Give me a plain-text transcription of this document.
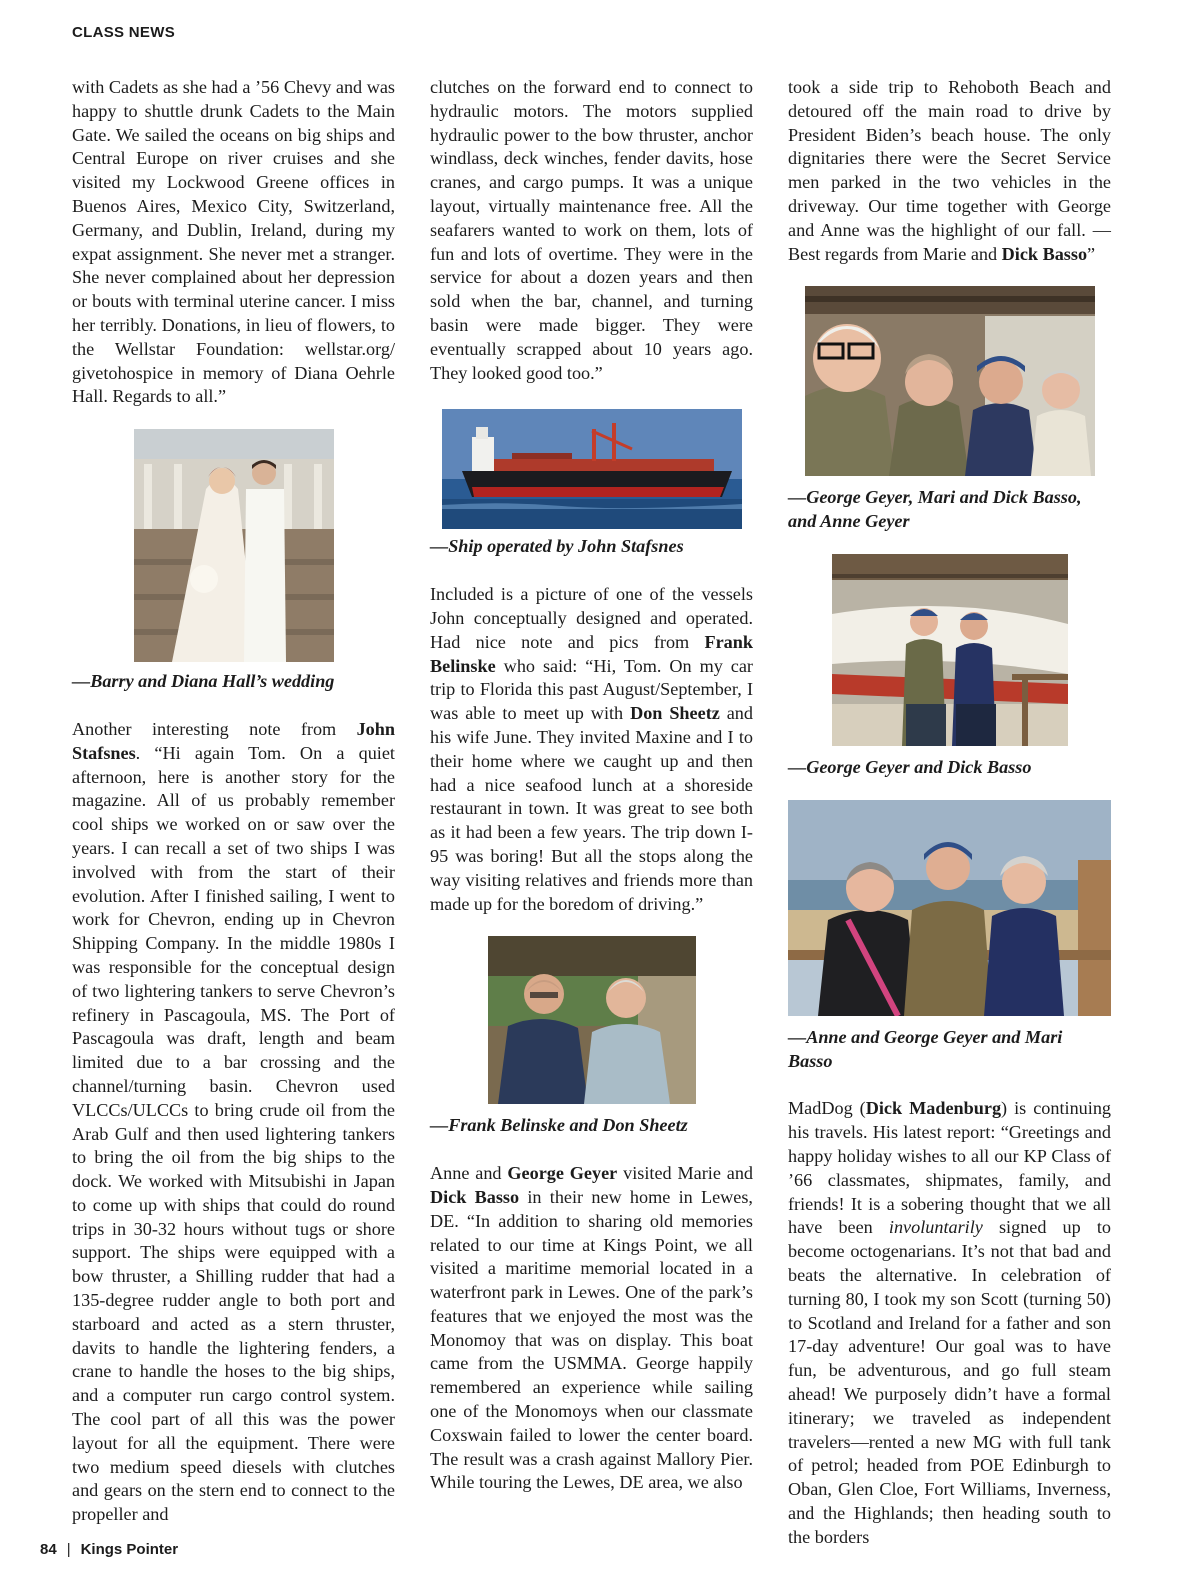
CLASS NEWS

with Cadets as she had a ’56 Chevy and was happy to shuttle drunk Cadets to the Main Gate. We sailed the oceans on big ships and Central Europe on river cruises and she visited my Lockwood Greene offices in Buenos Aires, Mexico City, Switzerland, Germany, and Dublin, Ireland, during my expat assignment. She never met a stranger. She never complained about her depression or bouts with terminal uterine cancer. I miss her terribly. Donations, in lieu of flowers, to the Wellstar Foundation: wellstar.org/ givetohospice in memory of Diana Oehrle Hall. Regards to all.”

—Barry and Diana Hall’s wedding

Another interesting note from John Stafsnes. “Hi again Tom. On a quiet afternoon, here is another story for the magazine. All of us probably remember cool ships we worked on or saw over the years. I can recall a set of two ships I was involved with from the start of their evolution. After I finished sailing, I went to work for Chevron, ending up in Chevron Shipping Company. In the middle 1980s I was responsible for the conceptual design of two lightering tankers to serve Chevron’s refinery in Pascagoula, MS. The Port of Pascagoula was draft, length and beam limited due to a bar crossing and the channel/turning basin. Chevron used VLCCs/ULCCs to bring crude oil from the Arab Gulf and then used lightering tankers to bring the oil from the big ships to the dock. We worked with Mitsubishi in Japan to come up with ships that could do round trips in 30-32 hours without tugs or shore support. The ships were equipped with a bow thruster, a Shilling rudder that had a 135-degree rudder angle to both port and starboard and acted as a stern thruster, davits to handle the lightering fenders, a crane to handle the hoses to the big ships, and a computer run cargo control system. The cool part of all this was the power layout for all the equipment. There were two medium speed diesels with clutches and gears on the stern end to connect to the propeller and

clutches on the forward end to connect to hydraulic motors. The motors supplied hydraulic power to the bow thruster, anchor windlass, deck winches, fender davits, hose cranes, and cargo pumps. It was a unique layout, virtually maintenance free. All the seafarers wanted to work on them, lots of fun and lots of overtime. They were in the service for about a dozen years and then sold when the bar, channel, and turning basin were made bigger. They were eventually scrapped about 10 years ago. They looked good too.”

—Ship operated by John Stafsnes

Included is a picture of one of the vessels John conceptually designed and operated. Had nice note and pics from Frank Belinske who said: “Hi, Tom. On my car trip to Florida this past August/September, I was able to meet up with Don Sheetz and his wife June. They invited Maxine and I to their home where we caught up and then had a nice seafood lunch at a shoreside restaurant in town. It was great to see both as it had been a few years. The trip down I-95 was boring! But all the stops along the way visiting relatives and friends more than made up for the boredom of driving.”

—Frank Belinske and Don Sheetz

Anne and George Geyer visited Marie and Dick Basso in their new home in Lewes, DE. “In addition to sharing old memories related to our time at Kings Point, we all visited a maritime memorial located in a waterfront park in Lewes. One of the park’s features that we enjoyed the most was the Monomoy that was on display. This boat came from the USMMA. George happily remembered an experience while sailing one of the Monomoys when our classmate Coxswain failed to lower the center board. The result was a crash against Mallory Pier. While touring the Lewes, DE area, we also

took a side trip to Rehoboth Beach and detoured off the main road to drive by President Biden’s beach house. The only dignitaries there were the Secret Service men parked in the two vehicles in the driveway. Our time together with George and Anne was the highlight of our fall. —Best regards from Marie and Dick Basso”

—George Geyer, Mari and Dick Basso, and Anne Geyer

—George Geyer and Dick Basso

—Anne and George Geyer and Mari Basso

MadDog (Dick Madenburg) is continuing his travels. His latest report: “Greetings and happy holiday wishes to all our KP Class of ’66 classmates, shipmates, family, and friends! It is a sobering thought that we all have been involuntarily signed up to become octogenarians. It’s not that bad and beats the alternative. In celebration of turning 80, I took my son Scott (turning 50) to Scotland and Ireland for a father and son 17-day adventure! Our goal was to have fun, be adventurous, and go full steam ahead! We purposely didn’t have a formal itinerary; we traveled as independent travelers—rented a new MG with full tank of petrol; headed from POE Edinburgh to Oban, Glen Cloe, Fort Williams, Inverness, and the Highlands; then heading south to the borders

84 | Kings Pointer
